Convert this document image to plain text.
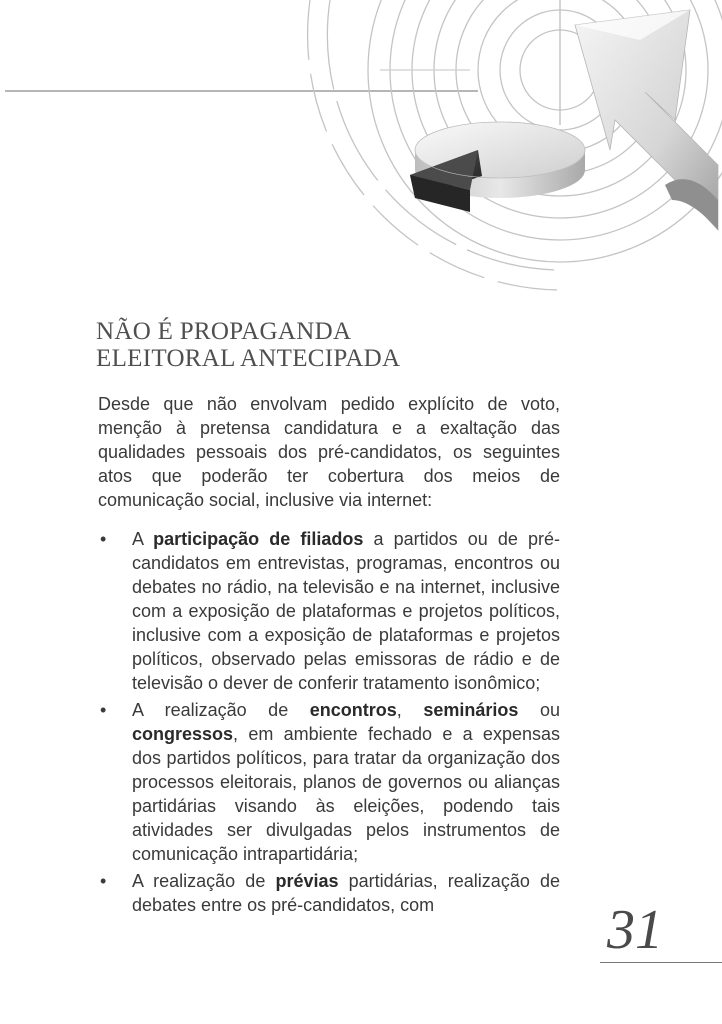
NÃO É PROPAGANDA
ELEITORAL ANTECIPADA

Desde que não envolvam pedido explícito de voto, menção à pretensa candidatura e a exaltação das qualidades pessoais dos pré-candidatos, os seguintes atos que poderão ter cobertura dos meios de comunicação social, inclusive via internet:

• A participação de filiados a partidos ou de pré-candidatos em entrevistas, programas, encontros ou debates no rádio, na televisão e na internet, inclusive com a exposição de plataformas e projetos políticos, inclusive com a exposição de plataformas e projetos políticos, observado pelas emissoras de rádio e de televisão o dever de conferir tratamento isonômico;
• A realização de encontros, seminários ou congressos, em ambiente fechado e a expensas dos partidos políticos, para tratar da organização dos processos eleitorais, planos de governos ou alianças partidárias visando às eleições, podendo tais atividades ser divulgadas pelos instrumentos de comunicação intrapartidária;
• A realização de prévias partidárias, realização de debates entre os pré-candidatos, com	31
